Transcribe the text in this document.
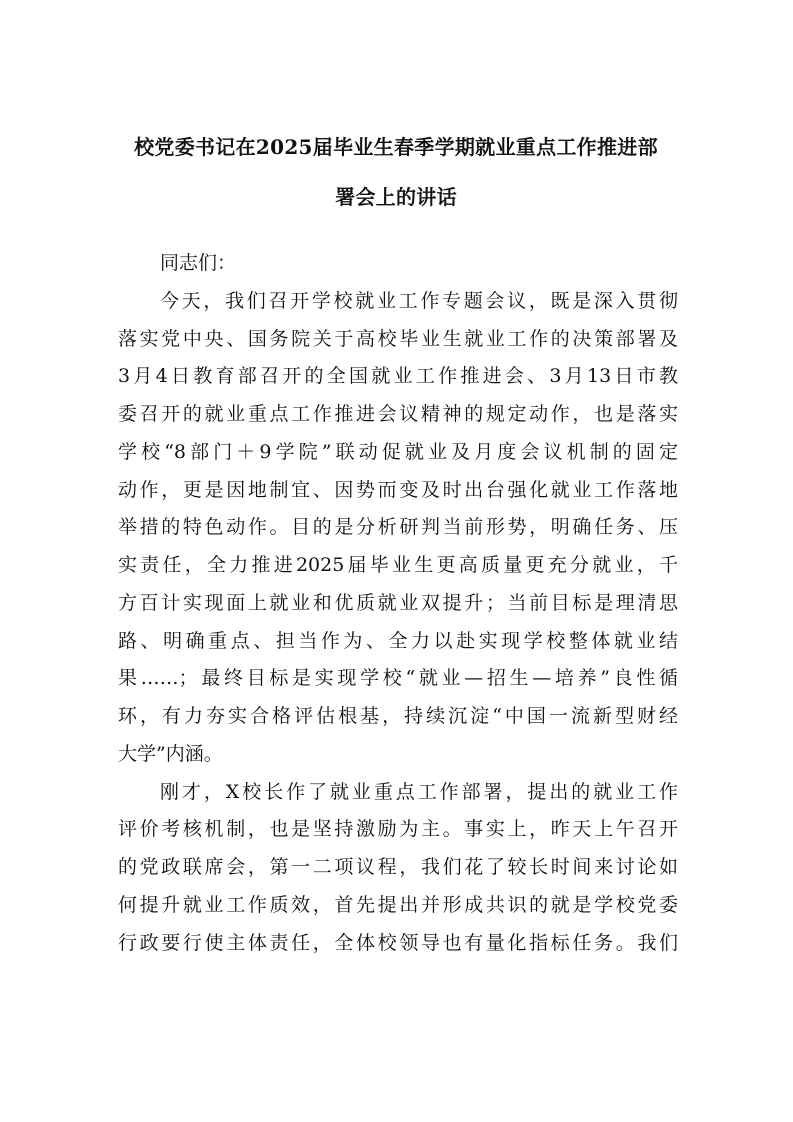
校党委书记在2025届毕业生春季学期就业重点工作推进部
署会上的讲话
同志们：
今天，我们召开学校就业工作专题会议，既是深入贯彻
落实党中央、国务院关于高校毕业生就业工作的决策部署及
3月4日教育部召开的全国就业工作推进会、3月13日市教
委召开的就业重点工作推进会议精神的规定动作，也是落实
学校“8部门＋9学院”联动促就业及月度会议机制的固定
动作，更是因地制宜、因势而变及时出台强化就业工作落地
举措的特色动作。目的是分析研判当前形势，明确任务、压
实责任，全力推进2025届毕业生更高质量更充分就业，千
方百计实现面上就业和优质就业双提升；当前目标是理清思
路、明确重点、担当作为、全力以赴实现学校整体就业结
果……；最终目标是实现学校“就业—招生—培养”良性循
环，有力夯实合格评估根基，持续沉淀“中国一流新型财经
大学”内涵。
刚才，X校长作了就业重点工作部署，提出的就业工作
评价考核机制，也是坚持激励为主。事实上，昨天上午召开
的党政联席会，第一二项议程，我们花了较长时间来讨论如
何提升就业工作质效，首先提出并形成共识的就是学校党委
行政要行使主体责任，全体校领导也有量化指标任务。我们
